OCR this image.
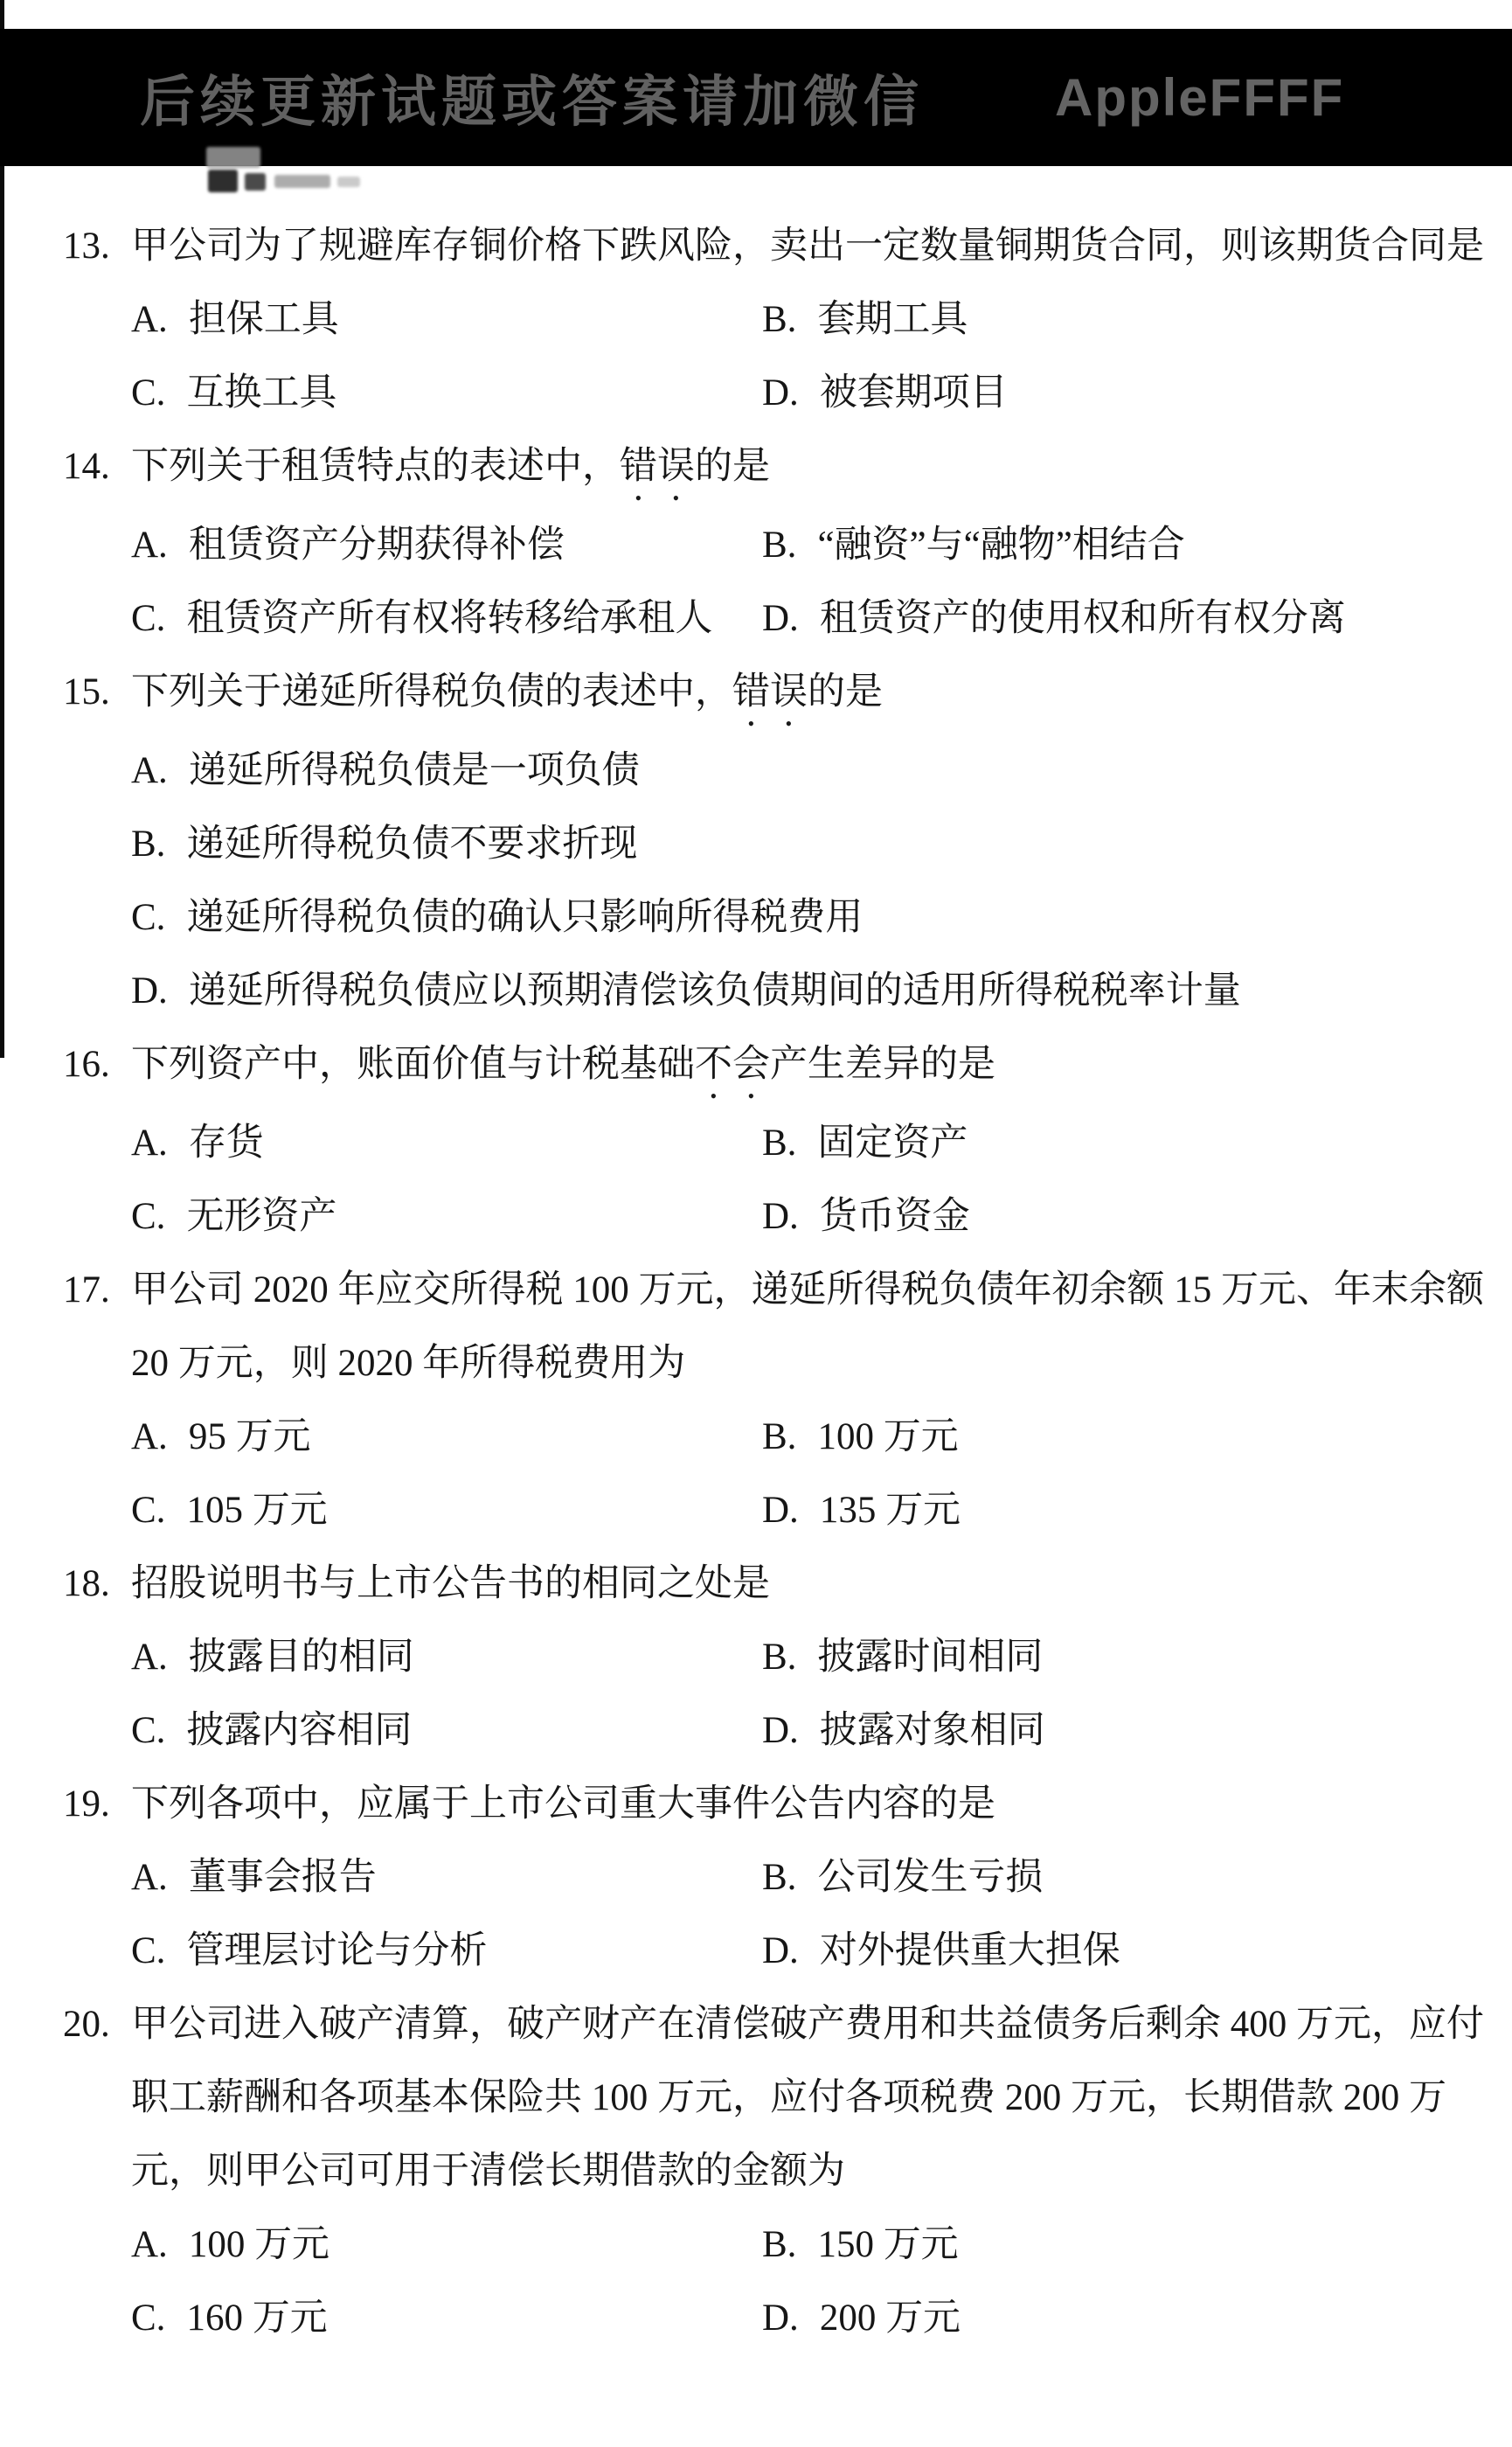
后续更新试题或答案请加微信	AppleFFFF
13. 甲公司为了规避库存铜价格下跌风险，卖出一定数量铜期货合同，则该期货合同是
A. 担保工具	B. 套期工具
C. 互换工具	D. 被套期项目
14. 下列关于租赁特点的表述中，错误的是
A. 租赁资产分期获得补偿	B. “融资”与“融物”相结合
C. 租赁资产所有权将转移给承租人	D. 租赁资产的使用权和所有权分离
15. 下列关于递延所得税负债的表述中，错误的是
A. 递延所得税负债是一项负债
B. 递延所得税负债不要求折现
C. 递延所得税负债的确认只影响所得税费用
D. 递延所得税负债应以预期清偿该负债期间的适用所得税税率计量
16. 下列资产中，账面价值与计税基础不会产生差异的是
A. 存货	B. 固定资产
C. 无形资产	D. 货币资金
17. 甲公司 2020 年应交所得税 100 万元，递延所得税负债年初余额 15 万元、年末余额 20 万元，则 2020 年所得税费用为
A. 95 万元	B. 100 万元
C. 105 万元	D. 135 万元
18. 招股说明书与上市公告书的相同之处是
A. 披露目的相同	B. 披露时间相同
C. 披露内容相同	D. 披露对象相同
19. 下列各项中，应属于上市公司重大事件公告内容的是
A. 董事会报告	B. 公司发生亏损
C. 管理层讨论与分析	D. 对外提供重大担保
20. 甲公司进入破产清算，破产财产在清偿破产费用和共益债务后剩余 400 万元，应付职工薪酬和各项基本保险共 100 万元，应付各项税费 200 万元，长期借款 200 万元，则甲公司可用于清偿长期借款的金额为
A. 100 万元	B. 150 万元
C. 160 万元	D. 200 万元
